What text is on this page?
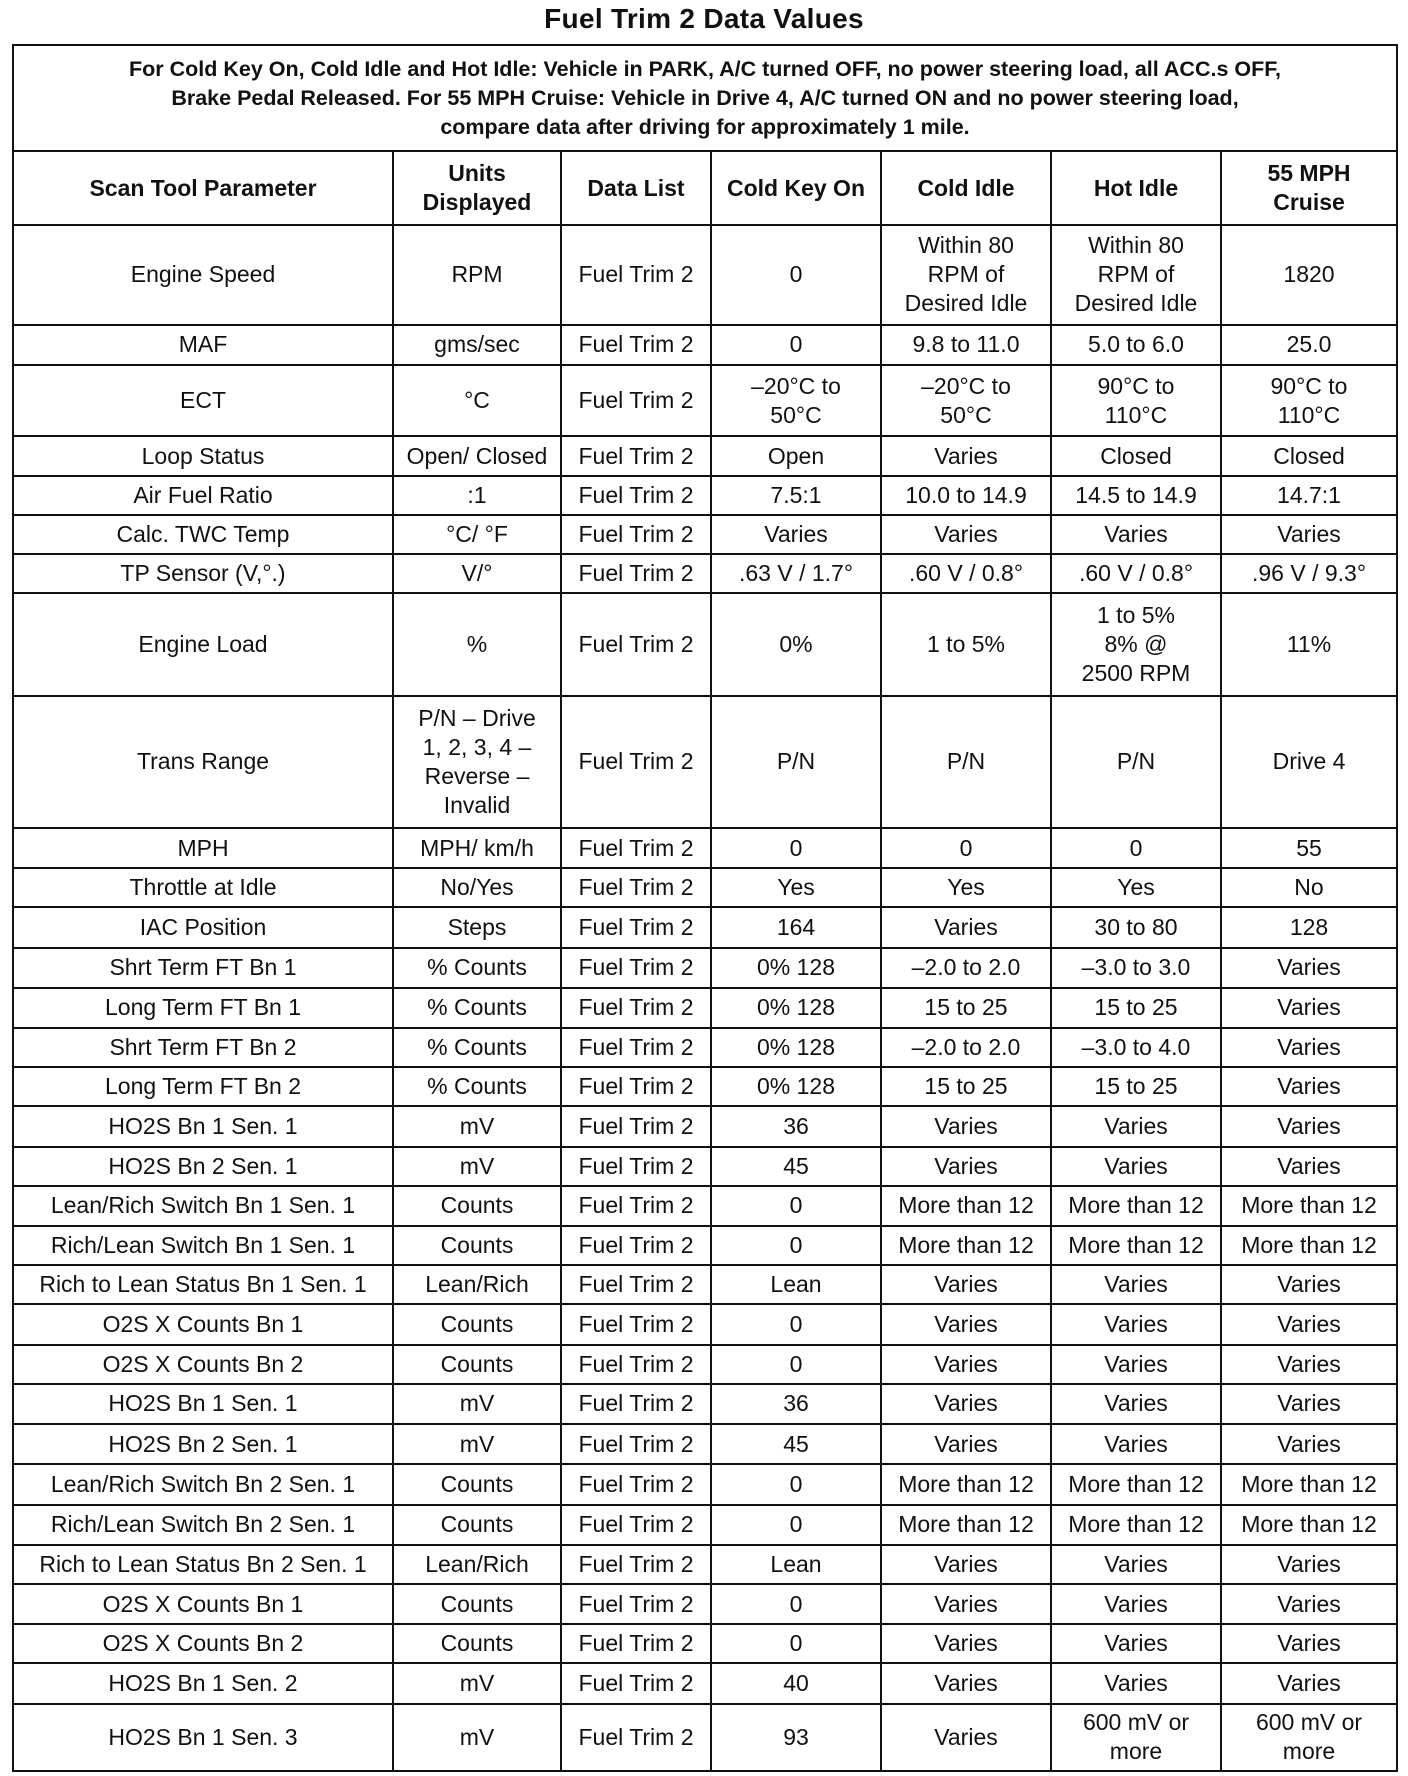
Fuel Trim 2 Data Values
For Cold Key On, Cold Idle and Hot Idle: Vehicle in PARK, A/C turned OFF, no power steering load, all ACC.s OFF,
Brake Pedal Released. For 55 MPH Cruise: Vehicle in Drive 4, A/C turned ON and no power steering load,
compare data after driving for approximately 1 mile.						

Scan Tool Parameter	Units
Displayed	Data List	Cold Key On	Cold Idle	Hot Idle	55 MPH
Cruise

Engine Speed	RPM	Fuel Trim 2	0	Within 80
RPM of
Desired Idle	Within 80
RPM of
Desired Idle	1820

MAF	gms/sec	Fuel Trim 2	0	9.8 to 11.0	5.0 to 6.0	25.0

ECT	°C	Fuel Trim 2	–20°C to
50°C	–20°C to
50°C	90°C to
110°C	90°C to
110°C

Loop Status	Open/ Closed	Fuel Trim 2	Open	Varies	Closed	Closed

Air Fuel Ratio	:1	Fuel Trim 2	7.5:1	10.0 to 14.9	14.5 to 14.9	14.7:1

Calc. TWC Temp	°C/ °F	Fuel Trim 2	Varies	Varies	Varies	Varies

TP Sensor (V,°.)	V/°	Fuel Trim 2	.63 V / 1.7°	.60 V / 0.8°	.60 V / 0.8°	.96 V / 9.3°

Engine Load	%	Fuel Trim 2	0%	1 to 5%	1 to 5%
8% @
2500 RPM	11%

Trans Range	P/N – Drive
1, 2, 3, 4 –
Reverse –
Invalid	Fuel Trim 2	P/N	P/N	P/N	Drive 4

MPH	MPH/ km/h	Fuel Trim 2	0	0	0	55

Throttle at Idle	No/Yes	Fuel Trim 2	Yes	Yes	Yes	No

IAC Position	Steps	Fuel Trim 2	164	Varies	30 to 80	128

Shrt Term FT Bn 1	% Counts	Fuel Trim 2	0% 128	–2.0 to 2.0	–3.0 to 3.0	Varies

Long Term FT Bn 1	% Counts	Fuel Trim 2	0% 128	15 to 25	15 to 25	Varies

Shrt Term FT Bn 2	% Counts	Fuel Trim 2	0% 128	–2.0 to 2.0	–3.0 to 4.0	Varies

Long Term FT Bn 2	% Counts	Fuel Trim 2	0% 128	15 to 25	15 to 25	Varies

HO2S Bn 1 Sen. 1	mV	Fuel Trim 2	36	Varies	Varies	Varies

HO2S Bn 2 Sen. 1	mV	Fuel Trim 2	45	Varies	Varies	Varies

Lean/Rich Switch Bn 1 Sen. 1	Counts	Fuel Trim 2	0	More than 12	More than 12	More than 12

Rich/Lean Switch Bn 1 Sen. 1	Counts	Fuel Trim 2	0	More than 12	More than 12	More than 12

Rich to Lean Status Bn 1 Sen. 1	Lean/Rich	Fuel Trim 2	Lean	Varies	Varies	Varies

O2S X Counts Bn 1	Counts	Fuel Trim 2	0	Varies	Varies	Varies

O2S X Counts Bn 2	Counts	Fuel Trim 2	0	Varies	Varies	Varies

HO2S Bn 1 Sen. 1	mV	Fuel Trim 2	36	Varies	Varies	Varies

HO2S Bn 2 Sen. 1	mV	Fuel Trim 2	45	Varies	Varies	Varies

Lean/Rich Switch Bn 2 Sen. 1	Counts	Fuel Trim 2	0	More than 12	More than 12	More than 12

Rich/Lean Switch Bn 2 Sen. 1	Counts	Fuel Trim 2	0	More than 12	More than 12	More than 12

Rich to Lean Status Bn 2 Sen. 1	Lean/Rich	Fuel Trim 2	Lean	Varies	Varies	Varies

O2S X Counts Bn 1	Counts	Fuel Trim 2	0	Varies	Varies	Varies

O2S X Counts Bn 2	Counts	Fuel Trim 2	0	Varies	Varies	Varies

HO2S Bn 1 Sen. 2	mV	Fuel Trim 2	40	Varies	Varies	Varies

HO2S Bn 1 Sen. 3	mV	Fuel Trim 2	93	Varies	600 mV or
more	600 mV or
more
